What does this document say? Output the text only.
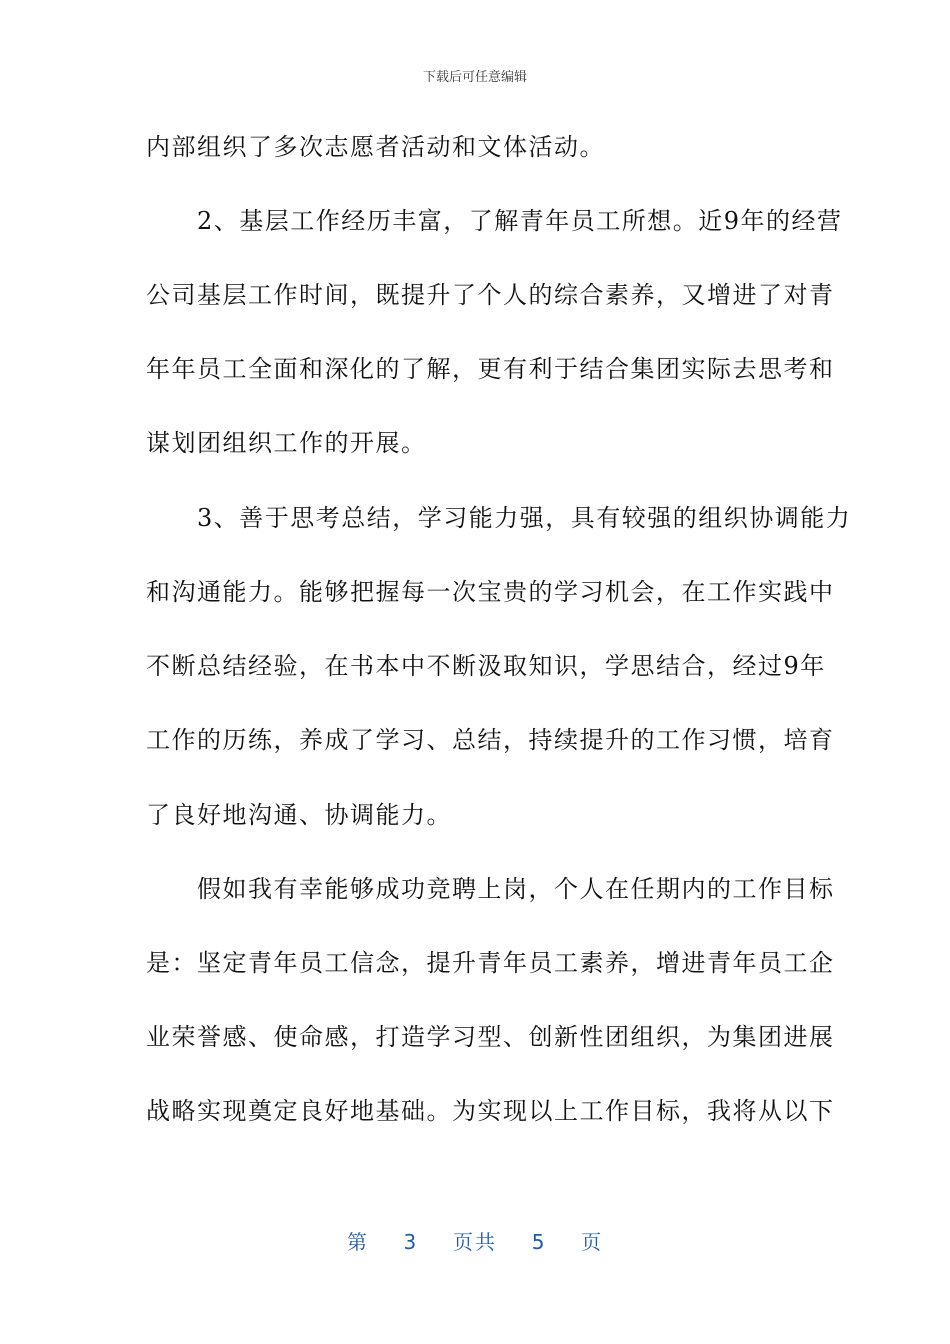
下载后可任意编辑
内部组织了多次志愿者活动和文体活动。
　　2、基层工作经历丰富，了解青年员工所想。近9年的经营
公司基层工作时间，既提升了个人的综合素养，又增进了对青
年年员工全面和深化的了解，更有利于结合集团实际去思考和
谋划团组织工作的开展。
　　3、善于思考总结，学习能力强，具有较强的组织协调能力
和沟通能力。能够把握每一次宝贵的学习机会，在工作实践中
不断总结经验，在书本中不断汲取知识，学思结合，经过9年
工作的历练，养成了学习、总结，持续提升的工作习惯，培育
了良好地沟通、协调能力。
　　假如我有幸能够成功竞聘上岗，个人在任期内的工作目标
是：坚定青年员工信念，提升青年员工素养，增进青年员工企
业荣誉感、使命感，打造学习型、创新性团组织，为集团进展
战略实现奠定良好地基础。为实现以上工作目标，我将从以下
第 3 页共 5 页
